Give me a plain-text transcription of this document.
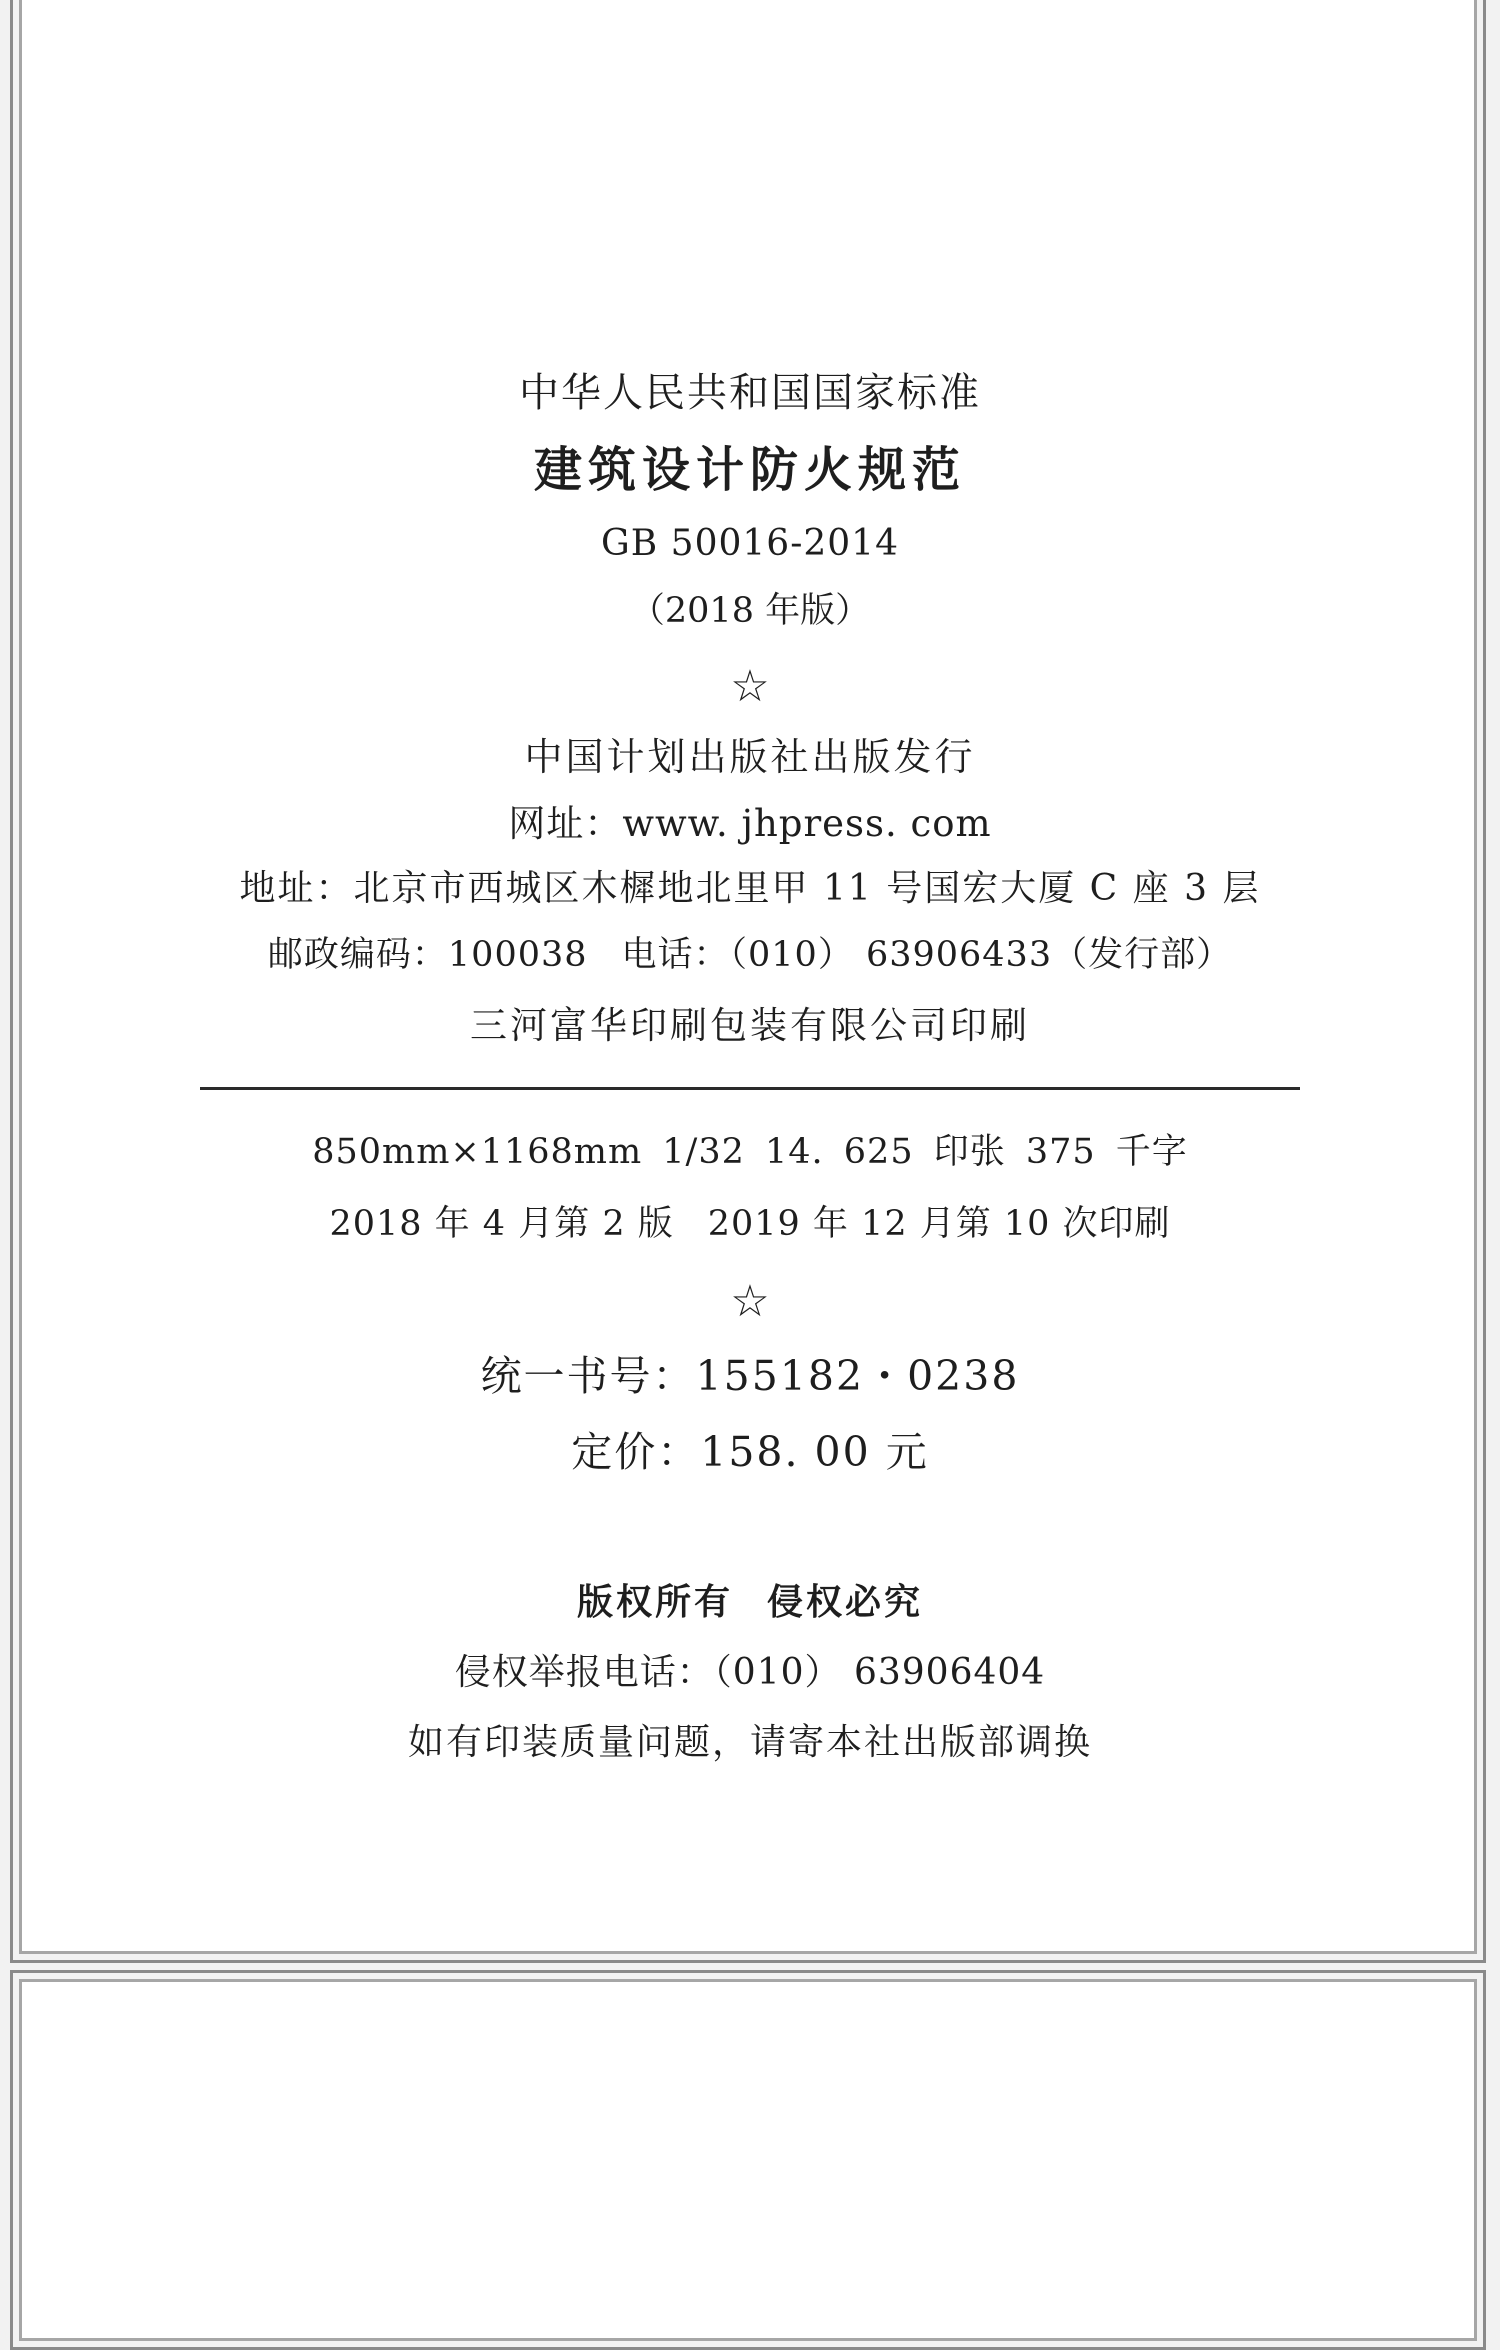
中华人民共和国国家标准
建筑设计防火规范
GB 50016-2014
（2018 年版）
☆
中国计划出版社出版发行
网址：www. jhpress. com
地址：北京市西城区木樨地北里甲 11 号国宏大厦 C 座 3 层
邮政编码：100038 电话：（010） 63906433（发行部）
三河富华印刷包装有限公司印刷
850mm×1168mm 1/32 14. 625 印张 375 千字
2018 年 4 月第 2 版 2019 年 12 月第 10 次印刷
☆
统一书号：155182・0238
定价：158. 00 元
版权所有 侵权必究
侵权举报电话：（010） 63906404
如有印装质量问题，请寄本社出版部调换
